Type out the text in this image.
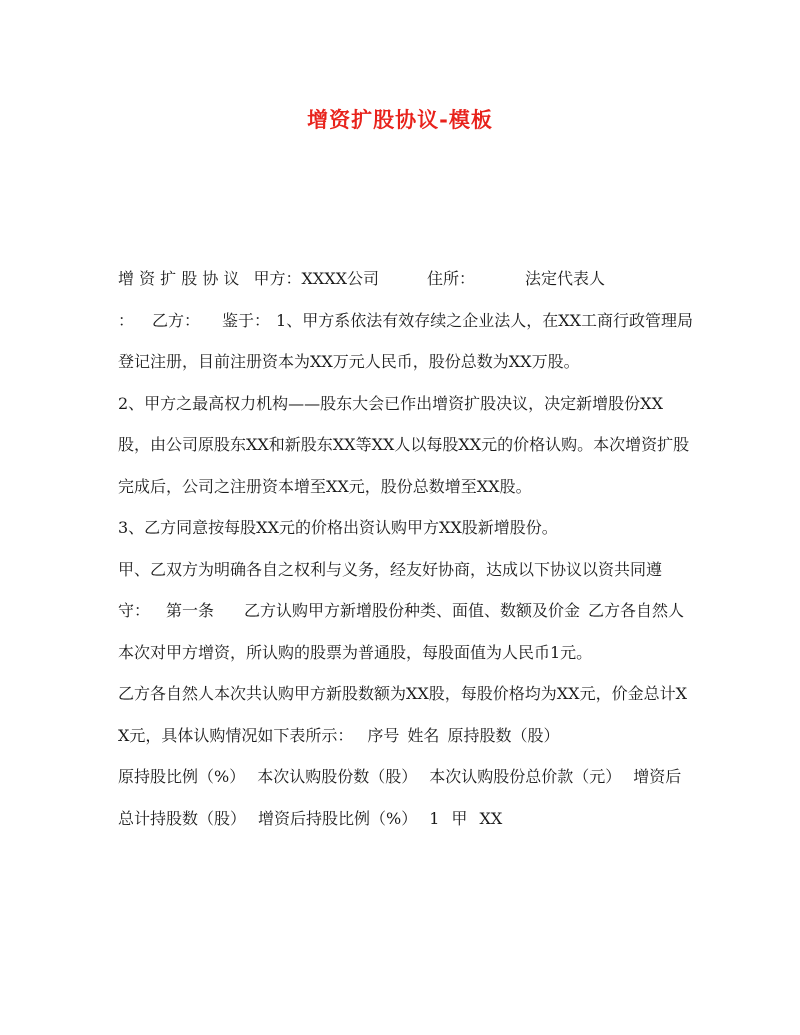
增资扩股协议-模板

增 资 扩 股 协 议 甲方：XXXX公司	住所：	法定代表人
： 乙方： 鉴于： 1、甲方系依法有效存续之企业法人，在XX工商行政管理局登记注册，目前注册资本为XX万元人民币，股份总数为XX万股。

2、甲方之最高权力机构——股东大会已作出增资扩股决议，决定新增股份XX股，由公司原股东XX和新股东XX等XX人以每股XX元的价格认购。本次增资扩股完成后，公司之注册资本增至XX元，股份总数增至XX股。

3、乙方同意按每股XX元的价格出资认购甲方XX股新增股份。

甲、乙双方为明确各自之权利与义务，经友好协商，达成以下协议以资共同遵守： 第一条 乙方认购甲方新增股份种类、面值、数额及价金 乙方各自然人本次对甲方增资，所认购的股票为普通股，每股面值为人民币1元。

乙方各自然人本次共认购甲方新股数额为XX股，每股价格均为XX元，价金总计XX元，具体认购情况如下表所示： 序号 姓名 原持股数（股）原持股比例（%） 本次认购股份数（股） 本次认购股份总价款（元） 增资后总计持股数（股） 增资后持股比例（%） 1 甲 XX
